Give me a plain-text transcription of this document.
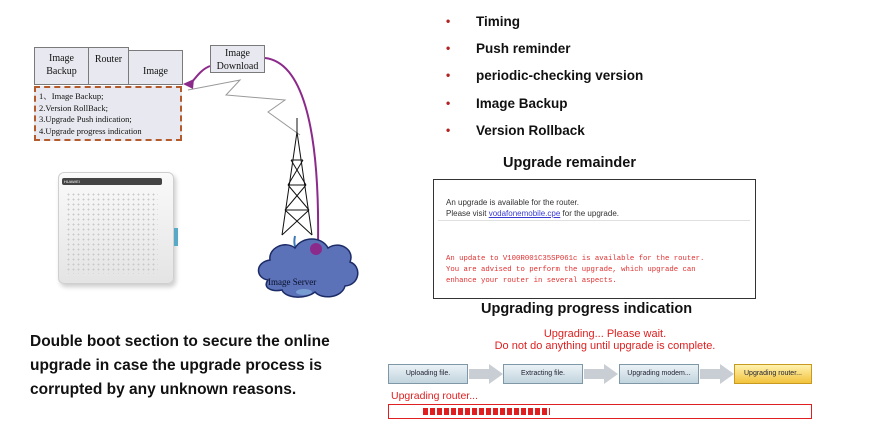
• Timing
• Push reminder
• periodic-checking version
• Image Backup
• Version Rollback
Image Backup
Router
Image
Image Download
1、Image Backup;
2.Version RollBack;
3.Upgrade Push indication;
4.Upgrade progress indication
Image Server
HUAWEI
Double boot section to secure the online upgrade in case the upgrade process is corrupted by any unknown reasons.
Upgrade remainder
An upgrade is available for the router.
Please visit vodafonemobile.cpe for the upgrade.
An update to V100R001C35SP061c is available for the router.
You are advised to perform the upgrade, which upgrade can
enhance your router in several aspects.
Upgrading progress indication
Upgrading... Please wait.
Do not do anything until upgrade is complete.
Uploading file.	Extracting file.	Upgrading modem...	Upgrading router...
Upgrading router...
